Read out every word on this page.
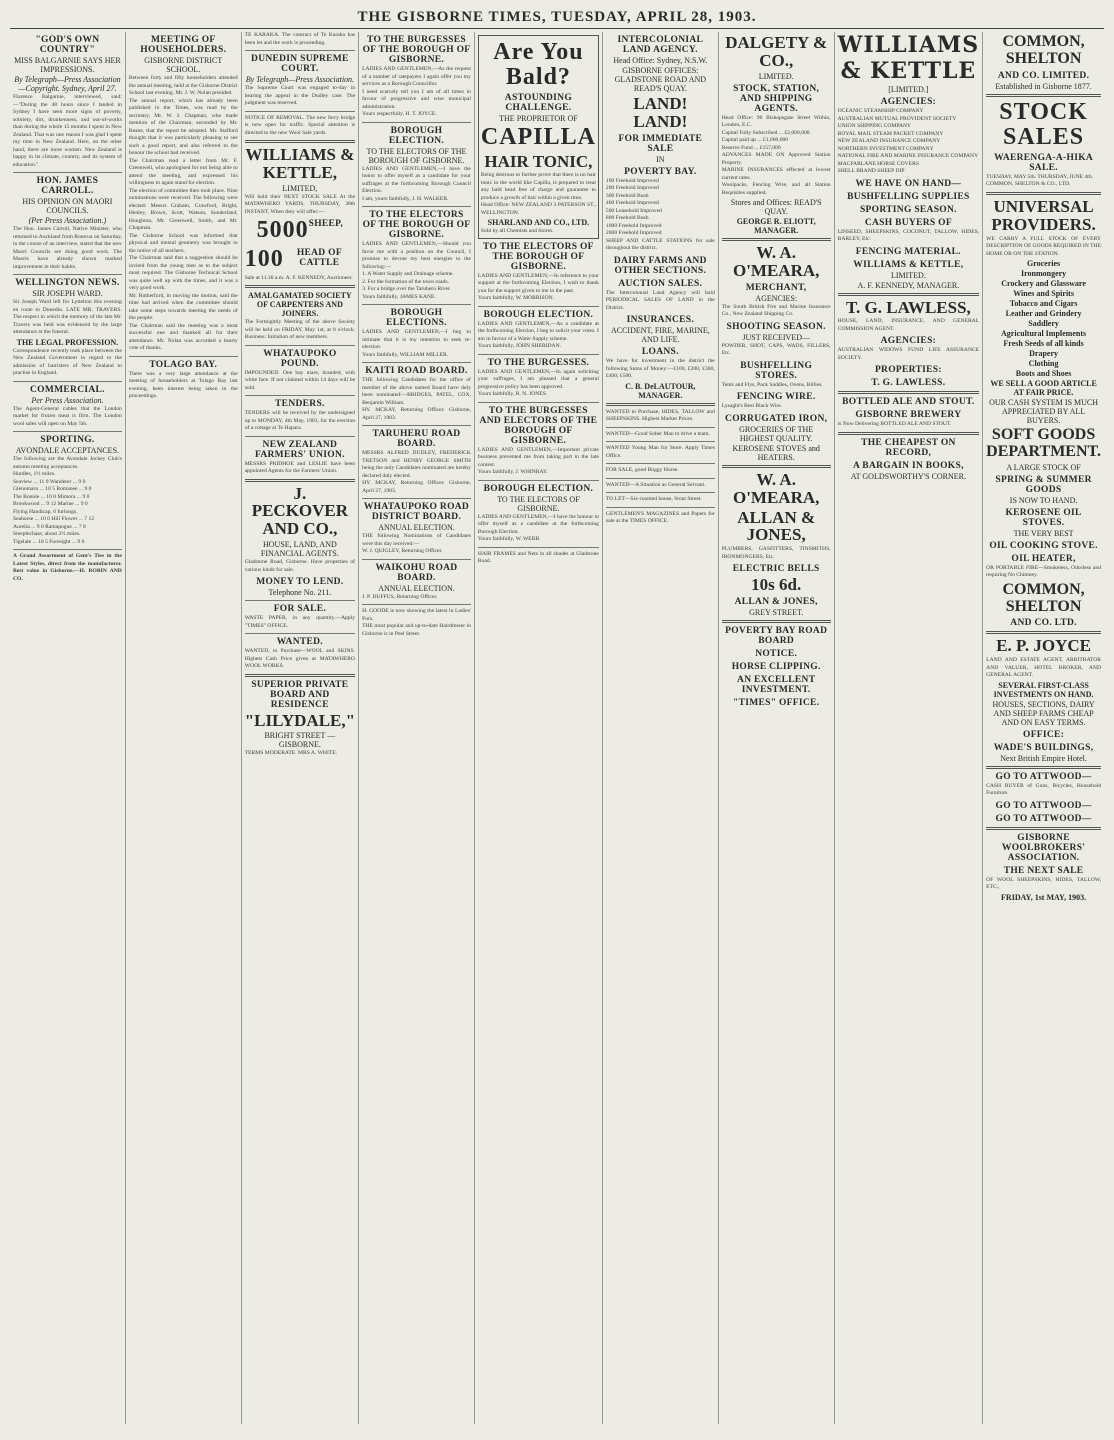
THE GISBORNE TIMES, TUESDAY, APRIL 28, 1903.
"GOD'S OWN COUNTRY"
MISS BALGARNIE SAYS HER IMPRESSIONS.
By Telegraph—Press Association—Copyright. Sydney, April 27.
Florence Balgarnie, interviewed, said:—"During the 48 hours since I landed in Sydney I have seen more signs of poverty, sobriety, dirt, drunkenness, and out-of-works than during the whole 15 months I spent in New Zealand. That was one reason I was glad I spent my time in New Zealand. Here, on the other hand, there are more women. New Zealand is happy in its climate, country, and its system of education."
HON. JAMES CARROLL.
HIS OPINION ON MAORI COUNCILS.
(Per Press Association.)
The Hon. James Carroll, Native Minister, who returned to Auckland from Rotorua on Saturday, in the course of an interview, stated that the new Maori Councils are doing good work. The Maoris have already shown marked improvement in their habits.
WELLINGTON NEWS.
SIR JOSEPH WARD.
Sir Joseph Ward left for Lyttelton this evening en route to Dunedin. LATE MR. TRAVERS. The respect in which the memory of the late Mr. Travers was held was evidenced by the large attendance at the funeral.
THE LEGAL PROFESSION.
Correspondence recently took place between the New Zealand Government in regard to the admission of barristers of New Zealand to practise in England.
COMMERCIAL.
Per Press Association.
The Agent-General cables that the London market for frozen meat is firm. The London wool sales will open on May 5th.
SPORTING.
AVONDALE ACCEPTANCES.
The following are the Avondale Jockey Club's autumn meeting acceptances.
Hurdles, 1½ miles.
Seaview ... 11 0 Wanderer ... 9 0
Glenomaru ... 10 5 Romanee ... 9 0
The Bonnie ... 10 0 Mimora ... 9 0
Brookwood ... 9 12 Marine ... 9 0
Flying Handicap, 6 furlongs.
Seahorse ... 10 0 Hill Flower ... 7 12
Aurelia ... 9 0 Ramapogue ... 7 8
Steeplechase, about 2½ miles.
Tigelate ... 10 5 Foresight ... 9 6
A Grand Assortment of Gent's Ties in the Latest Styles, direct from the manufacturer. Best value in Gisborne.—H. ROBIN AND CO.
MEETING OF HOUSEHOLDERS.
GISBORNE DISTRICT SCHOOL.
Between forty and fifty householders attended the annual meeting, held at the Gisborne District School last evening. Mr. J. W. Nolan presided.
The annual report, which has already been published in the Times, was read by the secretary, Mr. W. J. Chapman, who made mention of the Chairman, seconded by Mr. Beane, that the report be adopted. Mr. Stafford thought that it was particularly pleasing to see such a good report, and also referred to the honour the school had received.
The Chairman read a letter from Mr. F. Greenwell, who apologised for not being able to attend the meeting, and expressed his willingness to again stand for election.
The election of committee then took place. Nine nominations were received. The following were elected: Messrs Graham, Crawford, Bright, Henley, Brown, Scott, Watson, Sunderland, Houghton, Mr. Greenwell, Smith, and Mr. Chapman.
The Gisborne School was informed that physical and mental geometry was brought to the notice of all teachers.
The Chairman said that a suggestion should be invited from the young men as to the subject most required. The Gisborne Technical School was quite well up with the times, and it was a very good work.
Mr. Rutherford, in moving the motion, said the time had arrived when the committee should take some steps towards meeting the needs of the people.
The Chairman said the meeting was a most successful one and thanked all for their attendance. Mr. Nolan was accorded a hearty vote of thanks.
TOLAGO BAY.
There was a very large attendance at the meeting of householders at Tolago Bay last evening, keen interest being taken in the proceedings.
TE KARAKA. The contract of Te Karaka has been let and the work is proceeding.
DUNEDIN SUPREME COURT.
By Telegraph—Press Association.
The Supreme Court was engaged to-day in hearing the appeal in the Dudley case. The judgment was reserved.
NOTICE OF REMOVAL. The new ferry bridge is now open for traffic. Special attention is directed to the new Wool Sale yards.
WILLIAMS & KETTLE,
LIMITED,
Will hold their NEXT STOCK SALE At the MATAWHERO YARDS, THURSDAY, 30th INSTANT, When they will offer:—
5000 SHEEP,
100	HEAD OF CATTLE
Sale at 11.30 a.m. A. F. KENNEDY, Auctioneer.
AMALGAMATED SOCIETY OF CARPENTERS AND JOINERS.
The Fortnightly Meeting of the above Society will be held on FRIDAY, May 1st, at 8 o'clock. Business: Initiation of new members.
WHATAUPOKO POUND.
IMPOUNDED. One bay mare, branded, with white face. If not claimed within 14 days will be sold.
TENDERS.
TENDERS will be received by the undersigned up to MONDAY, 4th May, 1903, for the erection of a cottage at Te Hapara.
NEW ZEALAND FARMERS' UNION.
MESSRS PRIDHOE and LESLIE have been appointed Agents for the Farmers' Union.
J. PECKOVER AND CO.,
HOUSE, LAND, AND FINANCIAL AGENTS.
Gladstone Road, Gisborne. Have properties of various kinds for sale.
MONEY TO LEND.
Telephone No. 211.
FOR SALE.
WASTE PAPER, in any quantity.—Apply "TIMES" OFFICE.
WANTED.
WANTED, to Purchase—WOOL and SKINS. Highest Cash Price given at MATAWHERO WOOL WORKS.
SUPERIOR PRIVATE BOARD AND RESIDENCE
"LILYDALE,"
BRIGHT STREET — GISBORNE.
TERMS MODERATE. MRS A. WHITE.
TO THE BURGESSES OF THE BOROUGH OF GISBORNE.
LADIES AND GENTLEMEN,—As the request of a number of ratepayers I again offer you my services as a Borough Councillor.
I need scarcely tell you I am of all times in favour of progressive and wise municipal administration.
Yours respectfully, H. T. JOYCE.
BOROUGH ELECTION.
TO THE ELECTORS OF THE BOROUGH OF GISBORNE.
LADIES AND GENTLEMEN,—I have the honor to offer myself as a candidate for your suffrages at the forthcoming Borough Council Election.
I am, yours faithfully, J. H. WALKER.
TO THE ELECTORS OF THE BOROUGH OF GISBORNE.
LADIES AND GENTLEMEN,—Should you favor me with a position on the Council, I promise to devote my best energies to the following:—
1. A Water Supply and Drainage scheme.
2. For the formation of the town roads.
3. For a bridge over the Taruheru River.
Yours faithfully, JAMES KANE.
BOROUGH ELECTIONS.
LADIES AND GENTLEMEN,—I beg to intimate that it is my intention to seek re-election.
Yours faithfully, WILLIAM MILLER.
KAITI ROAD BOARD.
THE following Candidates for the office of member of the above named Board have duly been nominated:—BRIDGES, PATEL, COX, Benjamin William.
HY. MCKAY, Returning Officer. Gisborne, April 27, 1903.
TARUHERU ROAD BOARD.
MESSRS ALFRED DUDLEY, FREDERICK TRETSON and HENRY GEORGE SMITH being the only Candidates nominated are hereby declared duly elected.
HY. MCKAY, Returning Officer. Gisborne, April 27, 1903.
WHATAUPOKO ROAD DISTRICT BOARD.
ANNUAL ELECTION.
THE following Nominations of Candidates were this day received:—
W. J. QUIGLEY, Returning Officer.
WAIKOHU ROAD BOARD.
ANNUAL ELECTION.
J. P. DUFFUS, Returning Officer.
H. GOODE is now showing the latest in Ladies' Furs.
THE most popular and up-to-date Hairdresser in Gisborne is in Peel Street.
Are You Bald?
ASTOUNDING CHALLENGE.
THE PROPRIETOR OF
CAPILLA
HAIR TONIC,
Being desirous to further prove that there is no hair tonic in the world like Capilla, is prepared to treat any bald head free of charge and guarantee to produce a growth of hair within a given time.
Head Office: NEW ZEALAND 3 PATERSON ST., WELLINGTON.
SHARLAND AND CO., LTD.
Sold by all Chemists and Stores.
TO THE ELECTORS OF THE BOROUGH OF GISBORNE.
LADIES AND GENTLEMEN,—In reference to your support at the forthcoming Election, I wish to thank you for the support given to me in the past.
Yours faithfully, W. MORRISON.
BOROUGH ELECTION.
LADIES AND GENTLEMEN,—As a candidate at the forthcoming Election, I beg to solicit your votes. I am in favour of a Water Supply scheme.
Yours faithfully, JOHN SHERIDAN.
TO THE BURGESSES.
LADIES AND GENTLEMEN,—In again soliciting your suffrages, I am pleased that a general progressive policy has been approved.
Yours faithfully, R. N. JONES.
TO THE BURGESSES AND ELECTORS OF THE BOROUGH OF GISBORNE.
LADIES AND GENTLEMEN,—Important private business prevented me from taking part in the late contest.
Yours faithfully, J. WHINRAY.
BOROUGH ELECTION.
TO THE ELECTORS OF GISBORNE.
LADIES AND GENTLEMEN,—I have the honour to offer myself as a candidate at the forthcoming Borough Election.
Yours faithfully, W. WEBB.
HAIR FRAMES and Nets in all shades at Gladstone Road.
INTERCOLONIAL LAND AGENCY.
Head Office: Sydney, N.S.W.
GISBORNE OFFICES: GLADSTONE ROAD AND READ'S QUAY.
LAND! LAND!
FOR IMMEDIATE SALE
IN
POVERTY BAY.
100 Freehold Improved
200 Freehold Improved
300 Freehold Bush
400 Freehold Improved
500 Leasehold Improved
800 Freehold Bush
1000 Freehold Improved
2000 Freehold Improved
SHEEP AND CATTLE STATIONS for sale throughout the district.
DAIRY FARMS AND OTHER SECTIONS.
AUCTION SALES.
The Intercolonial Land Agency will hold PERIODICAL SALES OF LAND in the District.
INSURANCES.
ACCIDENT, FIRE, MARINE, AND LIFE.
LOANS.
We have for investment in the district the following Sums of Money:—£100, £200, £300, £400, £500.
C. B. DeLAUTOUR, MANAGER.
WANTED to Purchase, HIDES, TALLOW and SHEEPSKINS. Highest Market Prices.
WANTED—Good Sober Man to drive a team.
WANTED Young Man for Store. Apply Times Office.
FOR SALE, good Buggy Horse.
WANTED—A Situation as General Servant.
TO LET—Six-roomed house, Stout Street.
GENTLEMEN'S MAGAZINES and Papers for sale at the TIMES OFFICE.
DALGETY & CO.,
LIMITED.
STOCK, STATION, AND SHIPPING AGENTS.
Head Office: 96 Bishopsgate Street Within, London, E.C.
Capital Fully Subscribed ... £2,000,000
Capital paid up ... £1,000,000
Reserve Fund ... £157,000
ADVANCES MADE ON Approved Station Property.
MARINE INSURANCES effected at lowest current rates.
Woolpacks, Fencing Wire, and all Station Requisites supplied.
Stores and Offices: READ'S QUAY.
GEORGE R. ELIOTT, MANAGER.
W. A. O'MEARA,
MERCHANT,
AGENCIES:
The South British Fire and Marine Insurance Co., New Zealand Shipping Co.
SHOOTING SEASON.
JUST RECEIVED—
POWDER, SHOT, CAPS, WADS, FILLERS, Etc.
BUSHFELLING STORES.
Tents and Flys, Pack Saddles, Ovens, Billies.
FENCING WIRE.
Lysaght's Best Black Wire.
CORRUGATED IRON,
GROCERIES OF THE HIGHEST QUALITY.
KEROSENE STOVES and HEATERS.
W. A. O'MEARA,
ALLAN & JONES,
PLUMBERS, GASFITTERS, TINSMITHS, IRONMONGERS, Etc.
ELECTRIC BELLS
10s 6d.
ALLAN & JONES,
GREY STREET.
POVERTY BAY ROAD BOARD
NOTICE.
HORSE CLIPPING.
AN EXCELLENT INVESTMENT.
"TIMES" OFFICE.
WILLIAMS & KETTLE
[LIMITED.]
AGENCIES:
OCEANIC STEAMSHIP COMPANY
AUSTRALIAN MUTUAL PROVIDENT SOCIETY
UNION SHIPPING COMPANY
ROYAL MAIL STEAM PACKET COMPANY
NEW ZEALAND INSURANCE COMPANY
NORTHERN INVESTMENT COMPANY
NATIONAL FIRE AND MARINE INSURANCE COMPANY
MACFARLANE HORSE COVERS
SHELL BRAND SHEEP DIP
WE HAVE ON HAND—
BUSHFELLING SUPPLIES
SPORTING SEASON.
CASH BUYERS OF
LINSEED, SHEEPSKINS, COCONUT, TALLOW, HIDES, BARLEY, Etc.
FENCING MATERIAL.
WILLIAMS & KETTLE,
LIMITED.
A. F. KENNEDY, MANAGER.
T. G. LAWLESS,
HOUSE, LAND, INSURANCE, AND GENERAL COMMISSION AGENT.
AGENCIES:
AUSTRALIAN WIDOWS FUND LIFE ASSURANCE SOCIETY.
PROPERTIES:
T. G. LAWLESS.
BOTTLED ALE AND STOUT.
GISBORNE BREWERY
is Now Delivering BOTTLED ALE AND STOUT.
THE CHEAPEST ON RECORD,
A BARGAIN IN BOOKS,
AT GOLDSWORTHY'S CORNER.
COMMON, SHELTON
AND CO. LIMITED.
Established in Gisborne 1877.
STOCK SALES
WAERENGA-A-HIKA SALE.
TUESDAY, MAY 5th. THURSDAY, JUNE 4th.
COMMON, SHELTON & CO., LTD.
UNIVERSAL PROVIDERS.
WE CARRY A FULL STOCK OF EVERY DESCRIPTION OF GOODS REQUIRED IN THE HOME OR ON THE STATION.
Groceries
Ironmongery
Crockery and Glassware
Wines and Spirits
Tobacco and Cigars
Leather and Grindery
Saddlery
Agricultural Implements
Fresh Seeds of all kinds
Drapery
Clothing
Boots and Shoes
WE SELL A GOOD ARTICLE AT FAIR PRICE.
OUR CASH SYSTEM IS MUCH APPRECIATED BY ALL BUYERS.
SOFT GOODS DEPARTMENT.
A LARGE STOCK OF
SPRING & SUMMER GOODS
IS NOW TO HAND.
KEROSENE OIL STOVES.
THE VERY BEST
OIL COOKING STOVE.
OIL HEATER,
OR PORTABLE FIRE—Smokeless, Odorless and requiring No Chimney.
COMMON, SHELTON
AND CO. LTD.
E. P. JOYCE
LAND AND ESTATE AGENT, ARBITRATOR AND VALUER, HOTEL BROKER, AND GENERAL AGENT.
SEVERAL FIRST-CLASS INVESTMENTS ON HAND.
HOUSES, SECTIONS, DAIRY AND SHEEP FARMS CHEAP AND ON EASY TERMS.
OFFICE:
WADE'S BUILDINGS,
Next British Empire Hotel.
GO TO ATTWOOD—
CASH BUYER of Guns, Bicycles, Household Furniture.
GO TO ATTWOOD—
GO TO ATTWOOD—
GISBORNE WOOLBROKERS' ASSOCIATION.
THE NEXT SALE
OF WOOL SHEEPSKINS, HIDES, TALLOW, ETC.,
FRIDAY, 1st MAY, 1903.
